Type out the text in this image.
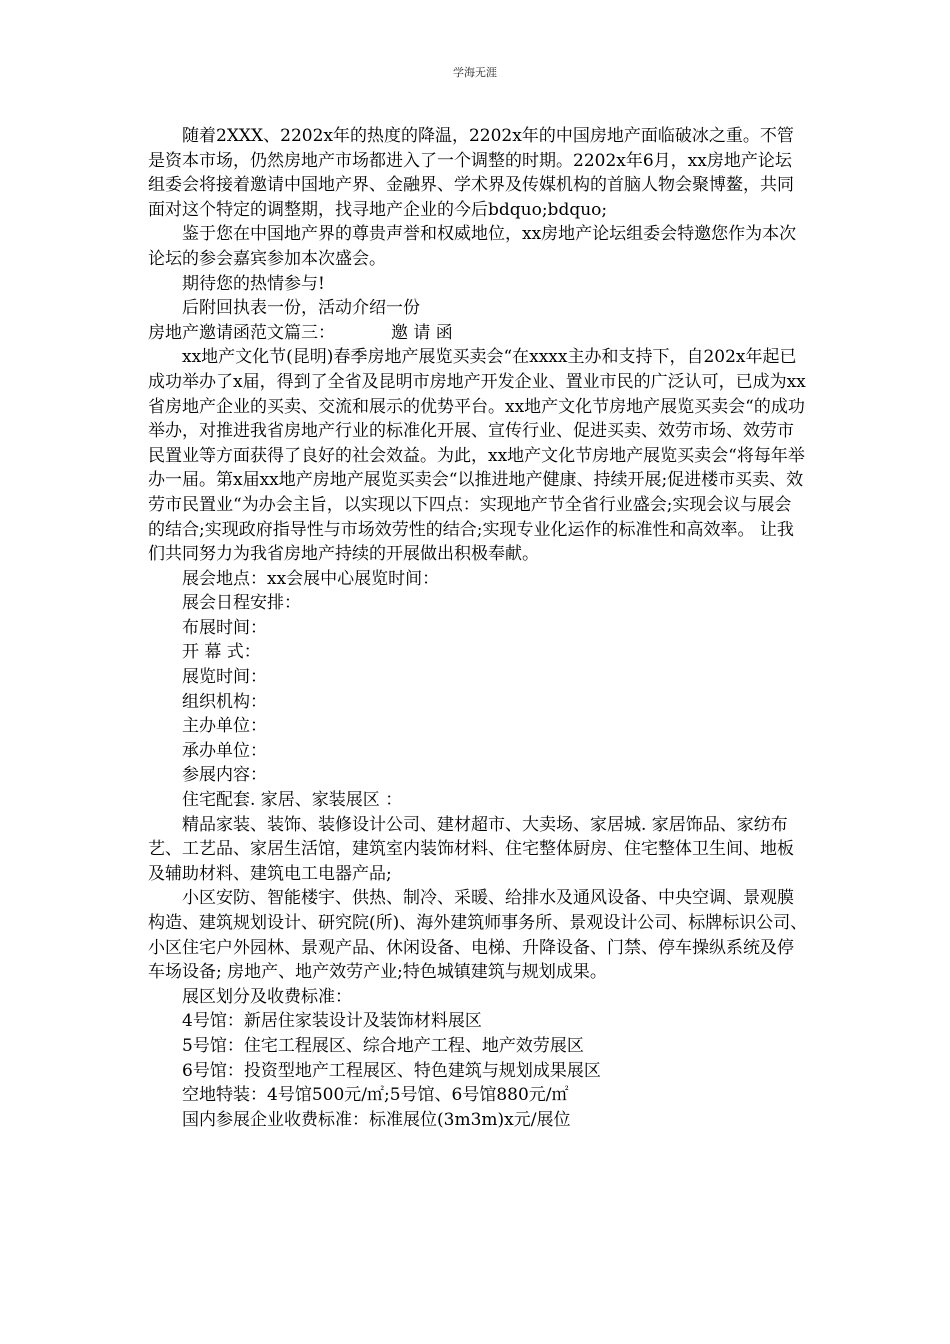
学海无涯

随着2XXX、2202x年的热度的降温，2202x年的中国房地产面临破冰之重。不管是资本市场，仍然房地产市场都进入了一个调整的时期。2202x年6月，xx房地产论坛组委会将接着邀请中国地产界、金融界、学术界及传媒机构的首脑人物会聚博鳌，共同面对这个特定的调整期，找寻地产企业的今后bdquo;bdquo;

鉴于您在中国地产界的尊贵声誉和权威地位，xx房地产论坛组委会特邀您作为本次论坛的参会嘉宾参加本次盛会。

期待您的热情参与!

后附回执表一份，活动介绍一份

房地产邀请函范文篇三：	邀 请 函

xx地产文化节(昆明)春季房地产展览买卖会“在xxxx主办和支持下，自202x年起已成功举办了x届，得到了全省及昆明市房地产开发企业、置业市民的广泛认可，已成为xx省房地产企业的买卖、交流和展示的优势平台。xx地产文化节房地产展览买卖会“的成功举办，对推进我省房地产行业的标准化开展、宣传行业、促进买卖、效劳市场、效劳市民置业等方面获得了良好的社会效益。为此，xx地产文化节房地产展览买卖会“将每年举办一届。第x届xx地产房地产展览买卖会“以推进地产健康、持续开展;促进楼市买卖、效劳市民置业“为办会主旨，以实现以下四点：实现地产节全省行业盛会;实现会议与展会的结合;实现政府指导性与市场效劳性的结合;实现专业化运作的标准性和高效率。 让我们共同努力为我省房地产持续的开展做出积极奉献。

展会地点：xx会展中心展览时间：

展会日程安排：

布展时间：

开 幕 式：

展览时间：

组织机构：

主办单位：

承办单位：

参展内容：

住宅配套. 家居、家装展区 ：

精品家装、装饰、装修设计公司、建材超市、大卖场、家居城. 家居饰品、家纺布艺、工艺品、家居生活馆，建筑室内装饰材料、住宅整体厨房、住宅整体卫生间、地板及辅助材料、建筑电工电器产品;

小区安防、智能楼宇、供热、制冷、采暖、给排水及通风设备、中央空调、景观膜构造、建筑规划设计、研究院(所)、海外建筑师事务所、景观设计公司、标牌标识公司、小区住宅户外园林、景观产品、休闲设备、电梯、升降设备、门禁、停车操纵系统及停车场设备; 房地产、地产效劳产业;特色城镇建筑与规划成果。

展区划分及收费标准：

4号馆：新居住家装设计及装饰材料展区

5号馆：住宅工程展区、综合地产工程、地产效劳展区

6号馆：投资型地产工程展区、特色建筑与规划成果展区

空地特装：4号馆500元/㎡;5号馆、6号馆880元/㎡

国内参展企业收费标准：标准展位(3m3m)x元/展位
